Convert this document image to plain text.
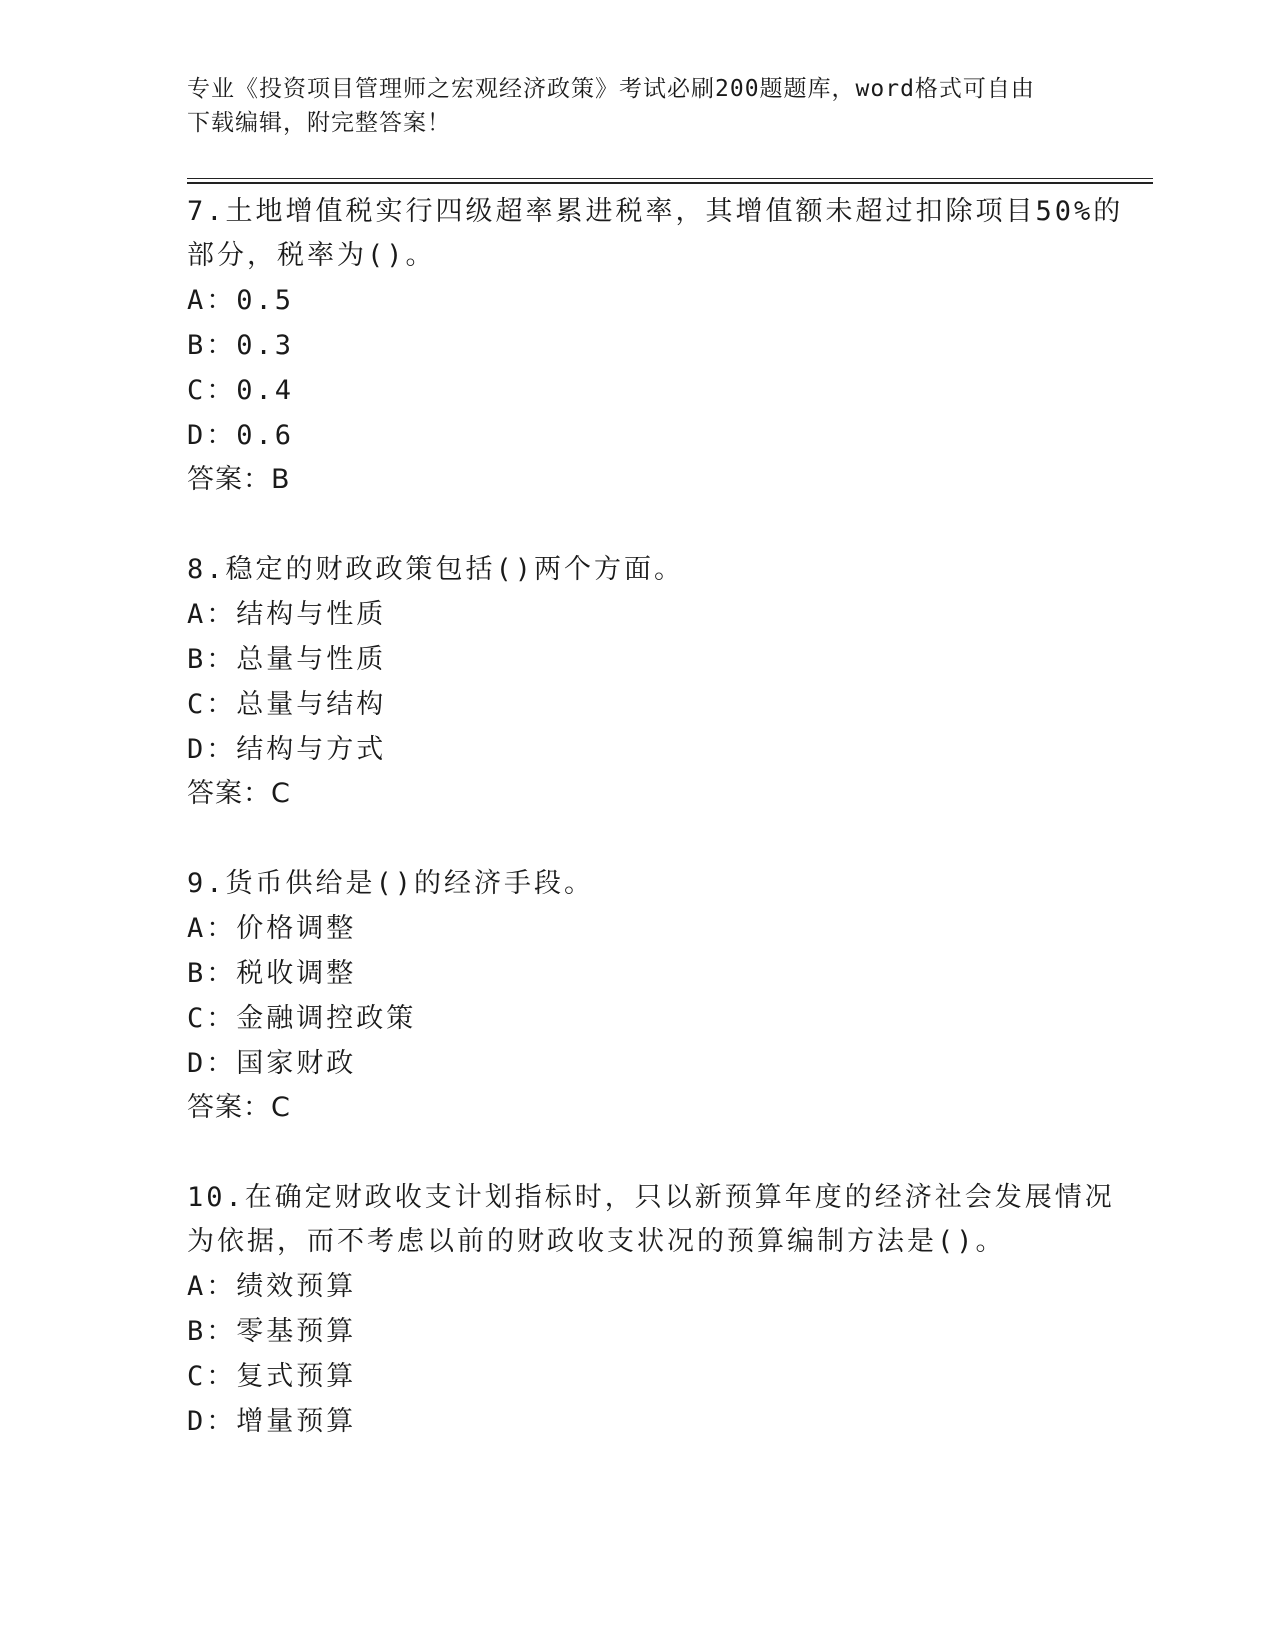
专业《投资项目管理师之宏观经济政策》考试必刷200题题库，word格式可自由
下载编辑，附完整答案！

7.土地增值税实行四级超率累进税率，其增值额未超过扣除项目50%的

部分，税率为()。

A：0.5

B：0.3

C：0.4

D：0.6

答案：B

8.稳定的财政政策包括()两个方面。

A：结构与性质

B：总量与性质

C：总量与结构

D：结构与方式

答案：C

9.货币供给是()的经济手段。

A：价格调整

B：税收调整

C：金融调控政策

D：国家财政

答案：C

10.在确定财政收支计划指标时，只以新预算年度的经济社会发展情况

为依据，而不考虑以前的财政收支状况的预算编制方法是()。

A：绩效预算

B：零基预算

C：复式预算

D：增量预算
